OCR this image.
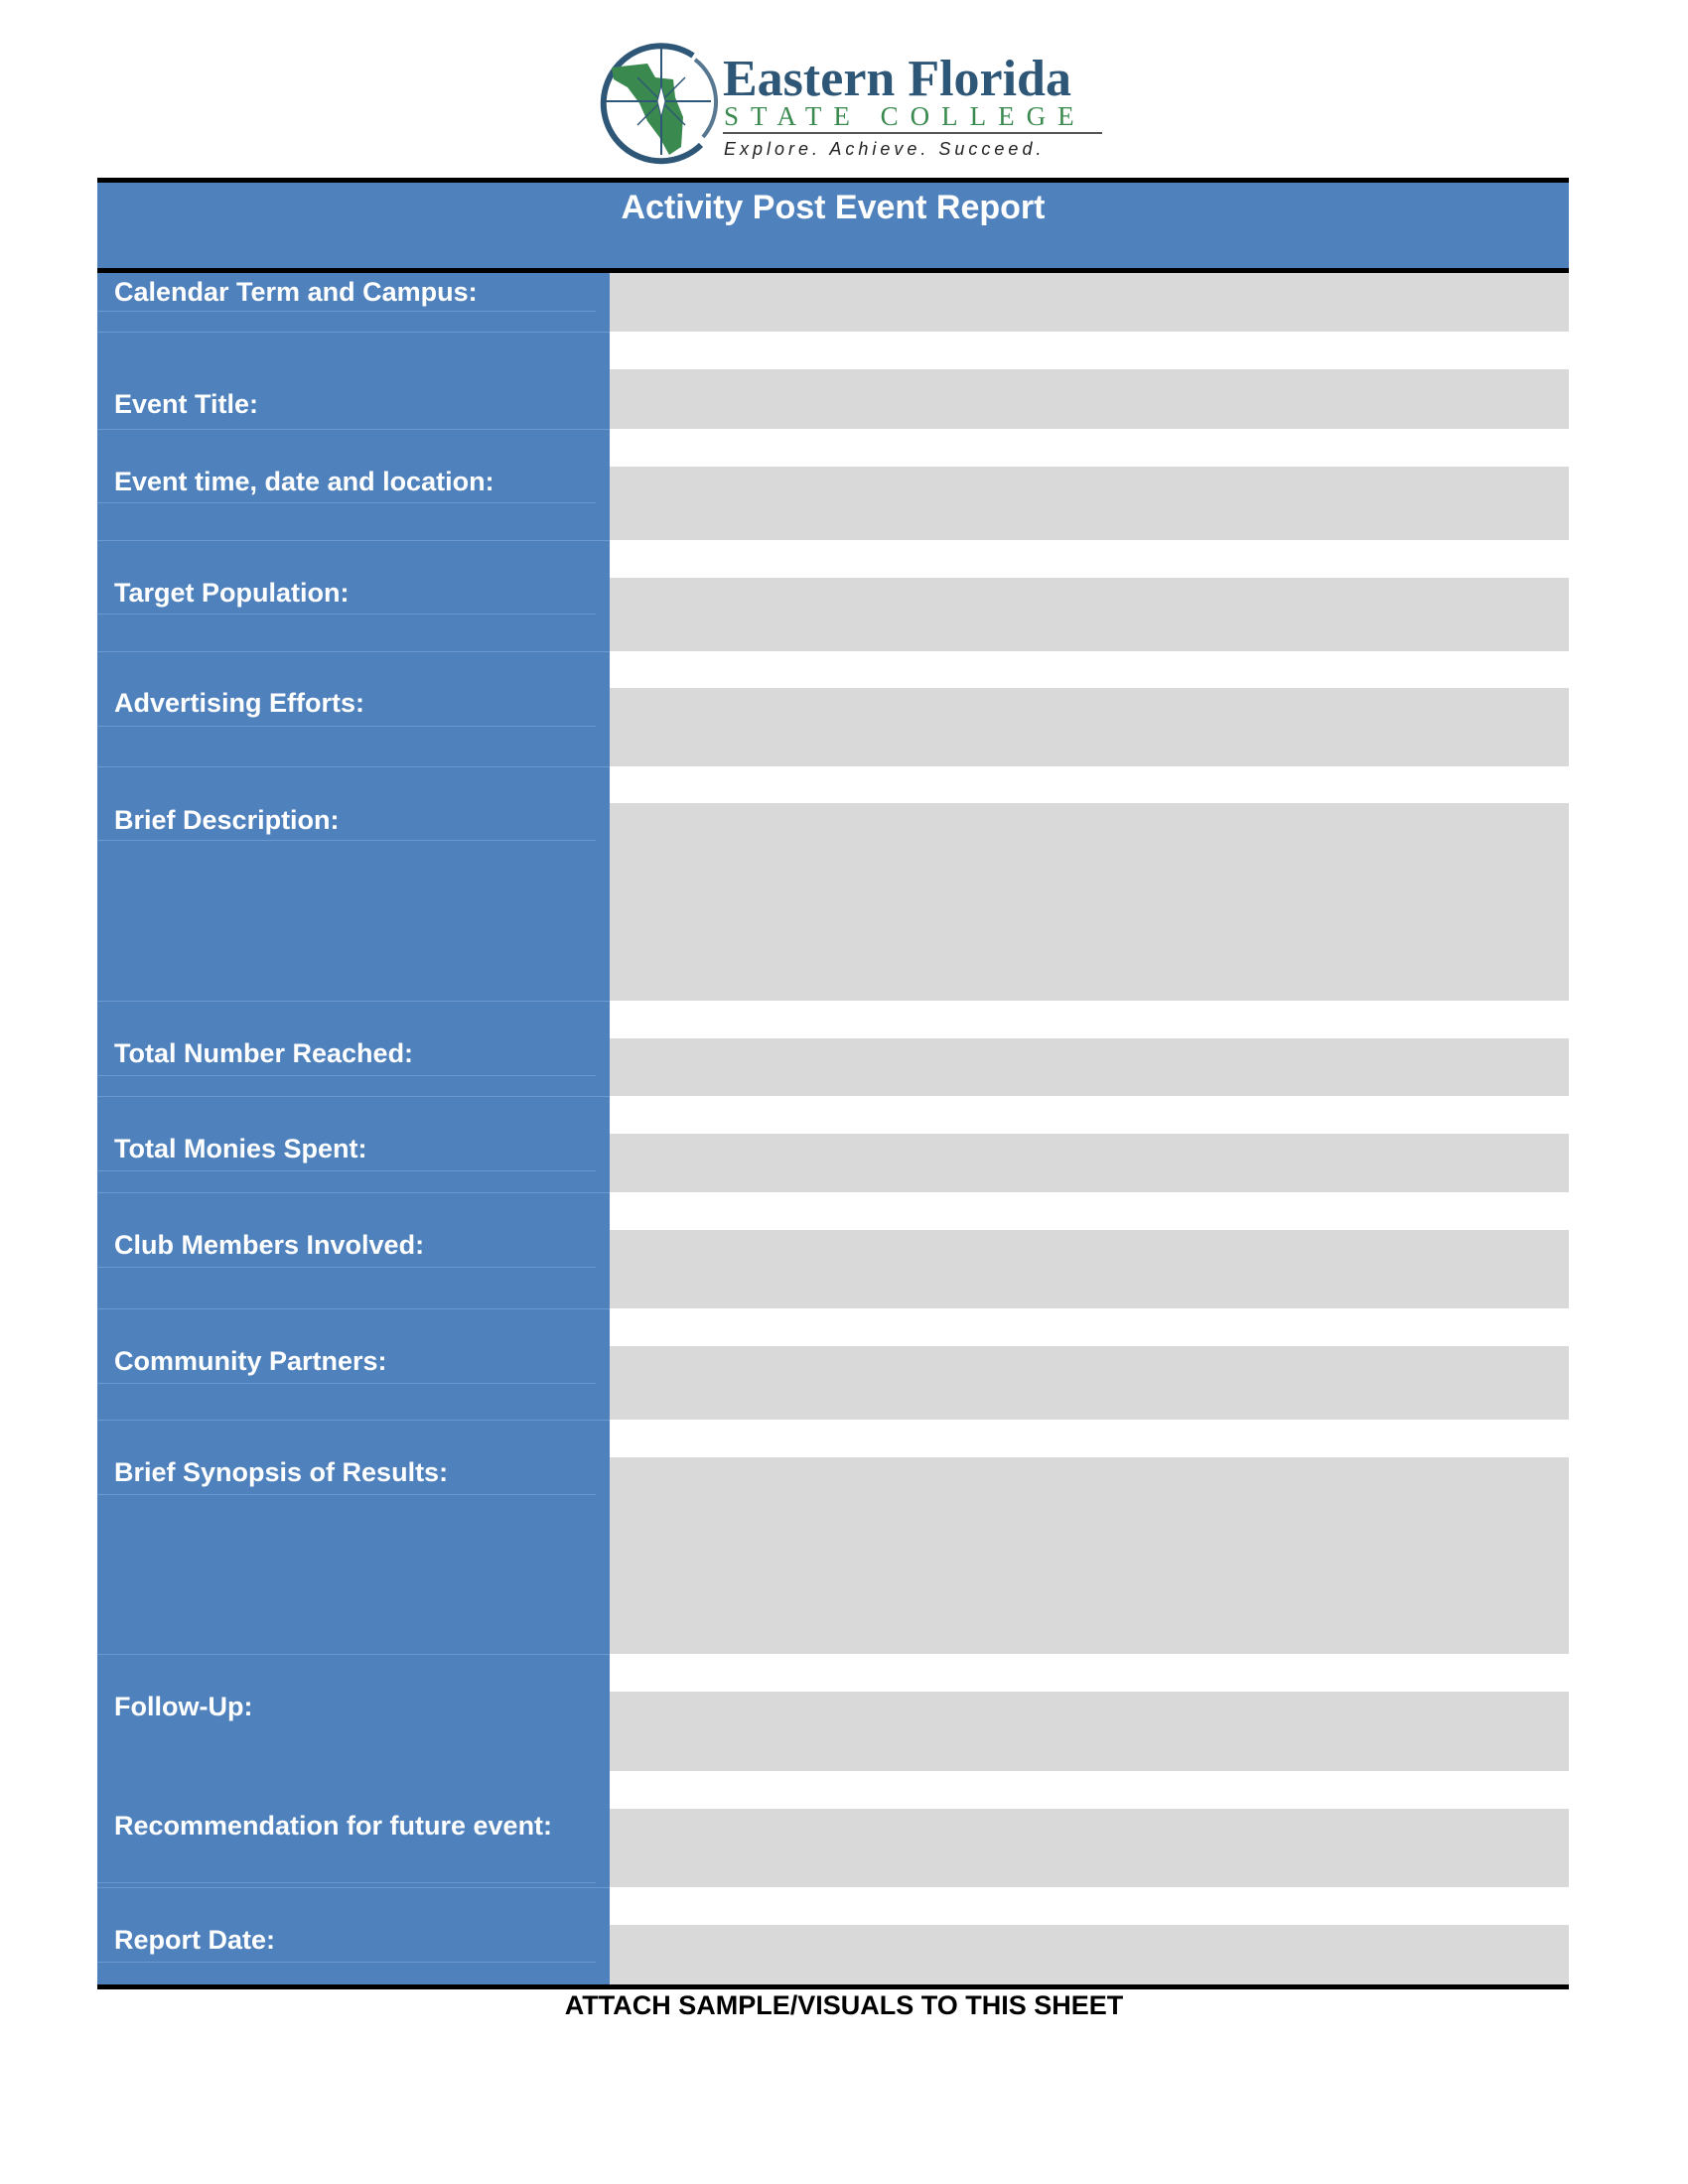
Eastern Florida
STATE COLLEGE
Explore. Achieve. Succeed.
Activity Post Event Report
Calendar Term and Campus:
Event Title:
Event time, date and location:
Target Population:
Advertising Efforts:
Brief Description:
Total Number Reached:
Total Monies Spent:
Club Members Involved:
Community Partners:
Brief Synopsis of Results:
Follow-Up:
Recommendation for future event:
Report Date:
ATTACH SAMPLE/VISUALS TO THIS SHEET
